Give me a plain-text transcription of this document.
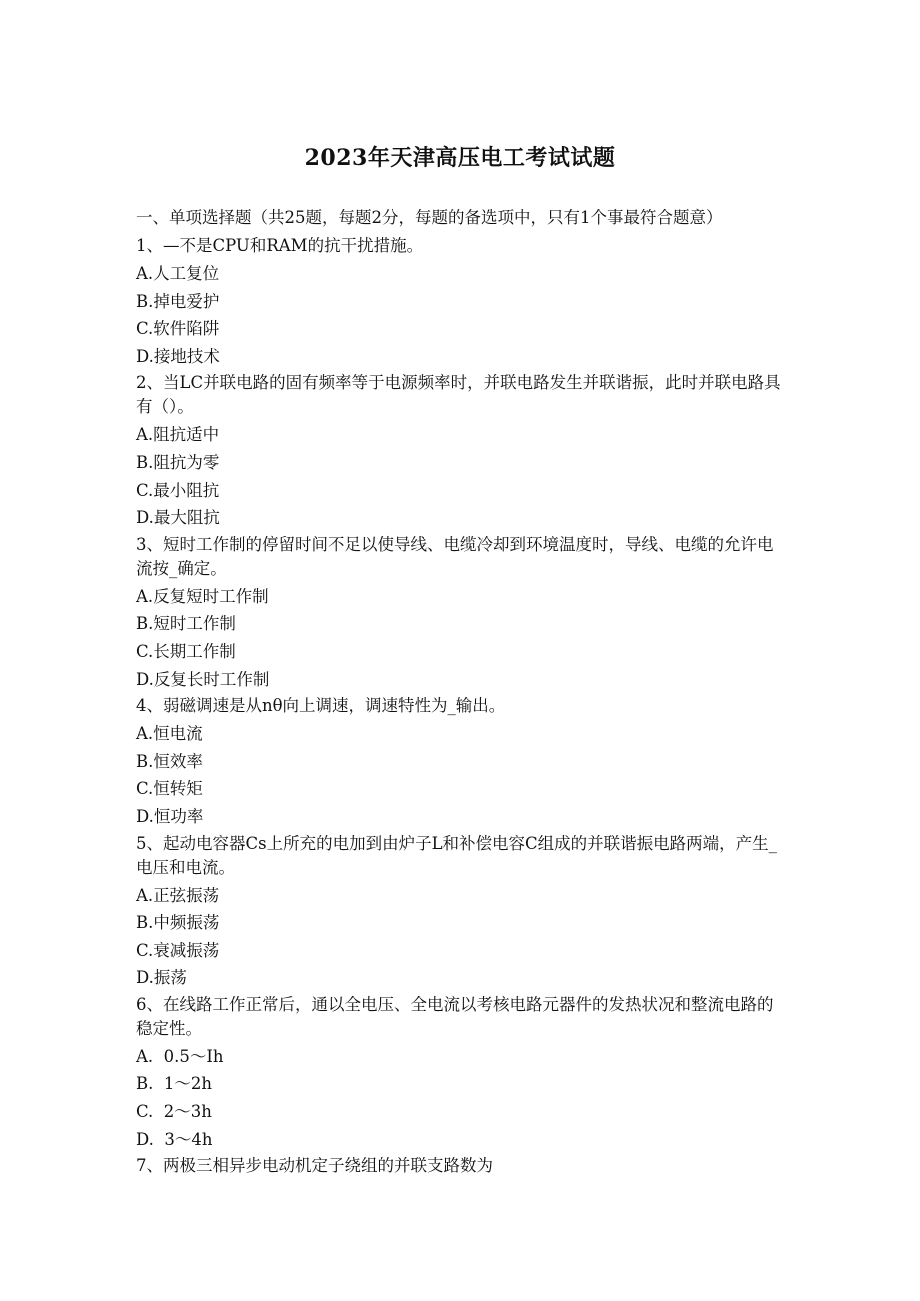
2023年天津高压电工考试试题
一、单项选择题（共25题，每题2分，每题的备选项中，只有1个事最符合题意）
1、—不是CPU和RAM的抗干扰措施。
A.人工复位
B.掉电爱护
C.软件陷阱
D.接地技术
2、当LC并联电路的固有频率等于电源频率时，并联电路发生并联谐振，此时并联电路具有（）。
A.阻抗适中
B.阻抗为零
C.最小阻抗
D.最大阻抗
3、短时工作制的停留时间不足以使导线、电缆冷却到环境温度时，导线、电缆的允许电流按_确定。
A.反复短时工作制
B.短时工作制
C.长期工作制
D.反复长时工作制
4、弱磁调速是从nθ向上调速，调速特性为_输出。
A.恒电流
B.恒效率
C.恒转矩
D.恒功率
5、起动电容器Cs上所充的电加到由炉子L和补偿电容C组成的并联谐振电路两端，产生_电压和电流。
A.正弦振荡
B.中频振荡
C.衰减振荡
D.振荡
6、在线路工作正常后，通以全电压、全电流以考核电路元器件的发热状况和整流电路的稳定性。
A.  0.5～Ih
B.  1～2h
C.  2～3h
D.  3～4h
7、两极三相异步电动机定子绕组的并联支路数为
